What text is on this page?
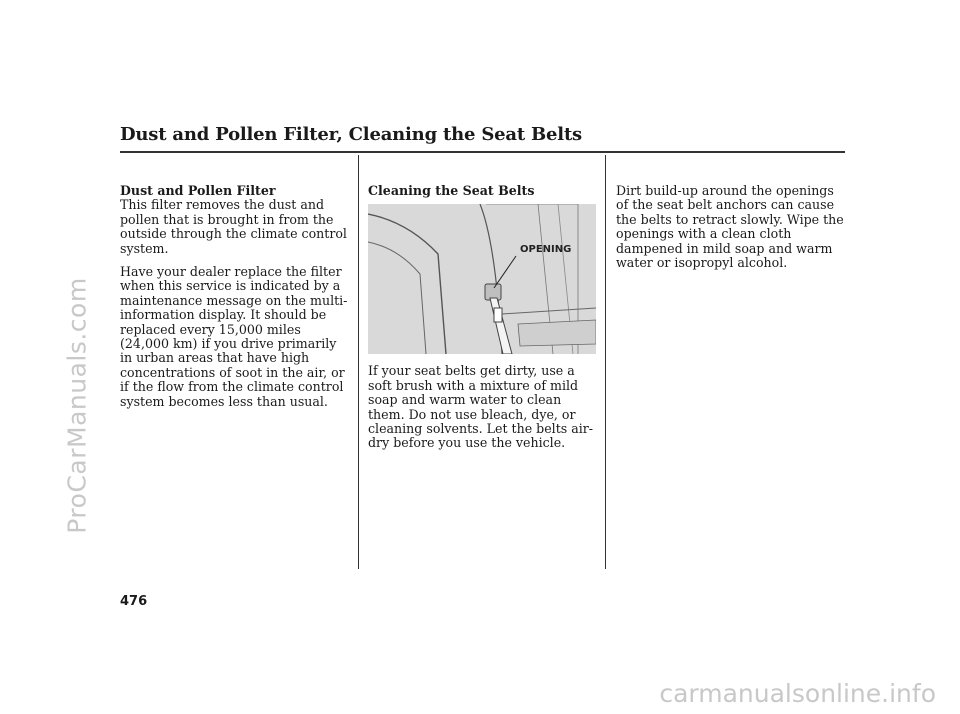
ProCarManuals.com
carmanualsonline.info
Dust and Pollen Filter, Cleaning the Seat Belts
Dust and Pollen Filter

This filter removes the dust and pollen that is brought in from the outside through the climate control system.

Have your dealer replace the filter when this service is indicated by a maintenance message on the multi-information display. It should be replaced every 15,000 miles (24,000 km) if you drive primarily in urban areas that have high concentrations of soot in the air, or if the flow from the climate control system becomes less than usual.

Cleaning the Seat Belts
OPENING

If your seat belts get dirty, use a soft brush with a mixture of mild soap and warm water to clean them. Do not use bleach, dye, or cleaning solvents. Let the belts air-dry before you use the vehicle.

Dirt build-up around the openings of the seat belt anchors can cause the belts to retract slowly. Wipe the openings with a clean cloth dampened in mild soap and warm water or isopropyl alcohol.

476
